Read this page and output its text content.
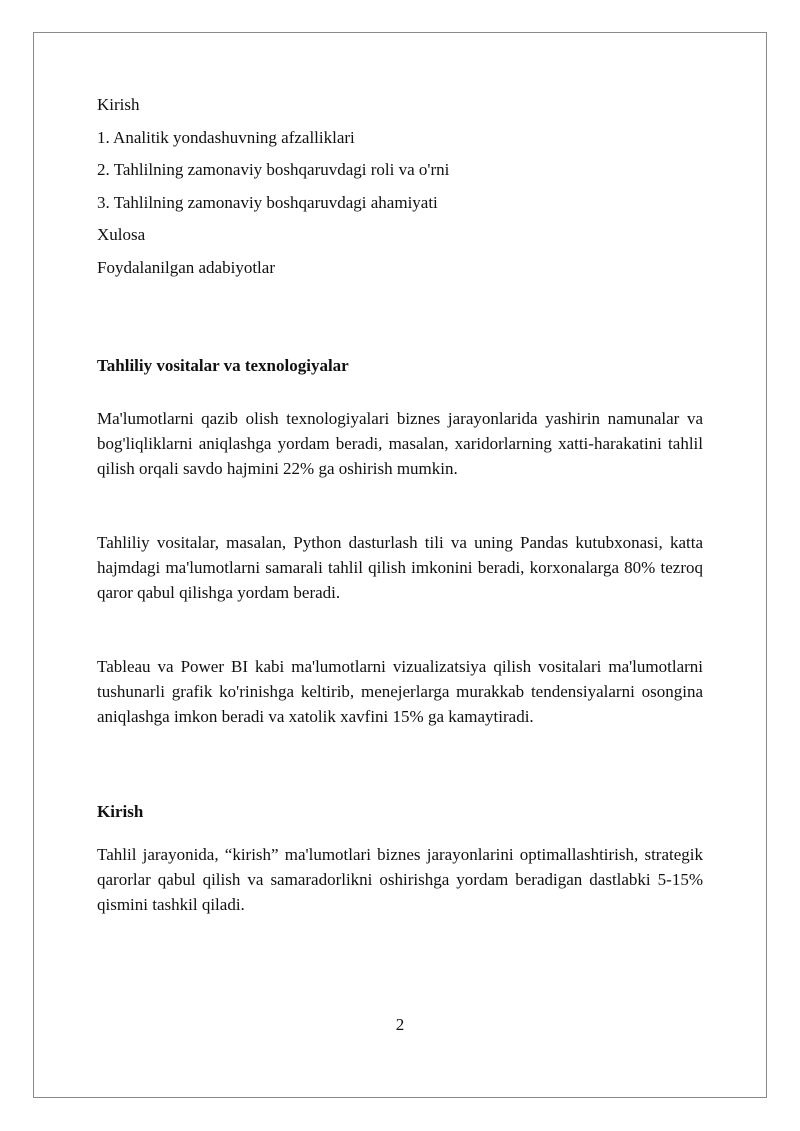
Kirish
1. Analitik yondashuvning afzalliklari
2. Tahlilning zamonaviy boshqaruvdagi roli va o'rni
3. Tahlilning zamonaviy boshqaruvdagi ahamiyati
Xulosa
Foydalanilgan adabiyotlar
Tahliliy vositalar va texnologiyalar

Ma'lumotlarni qazib olish texnologiyalari biznes jarayonlarida yashirin namunalar va bog'liqliklarni aniqlashga yordam beradi, masalan, xaridorlarning xatti-harakatini tahlil qilish orqali savdo hajmini 22% ga oshirish mumkin.

Tahliliy vositalar, masalan, Python dasturlash tili va uning Pandas kutubxonasi, katta hajmdagi ma'lumotlarni samarali tahlil qilish imkonini beradi, korxonalarga 80% tezroq qaror qabul qilishga yordam beradi.

Tableau va Power BI kabi ma'lumotlarni vizualizatsiya qilish vositalari ma'lumotlarni tushunarli grafik ko'rinishga keltirib, menejerlarga murakkab tendensiyalarni osongina aniqlashga imkon beradi va xatolik xavfini 15% ga kamaytiradi.

Kirish

Tahlil jarayonida, “kirish” ma'lumotlari biznes jarayonlarini optimallashtirish, strategik qarorlar qabul qilish va samaradorlikni oshirishga yordam beradigan dastlabki 5-15% qismini tashkil qiladi.

2
